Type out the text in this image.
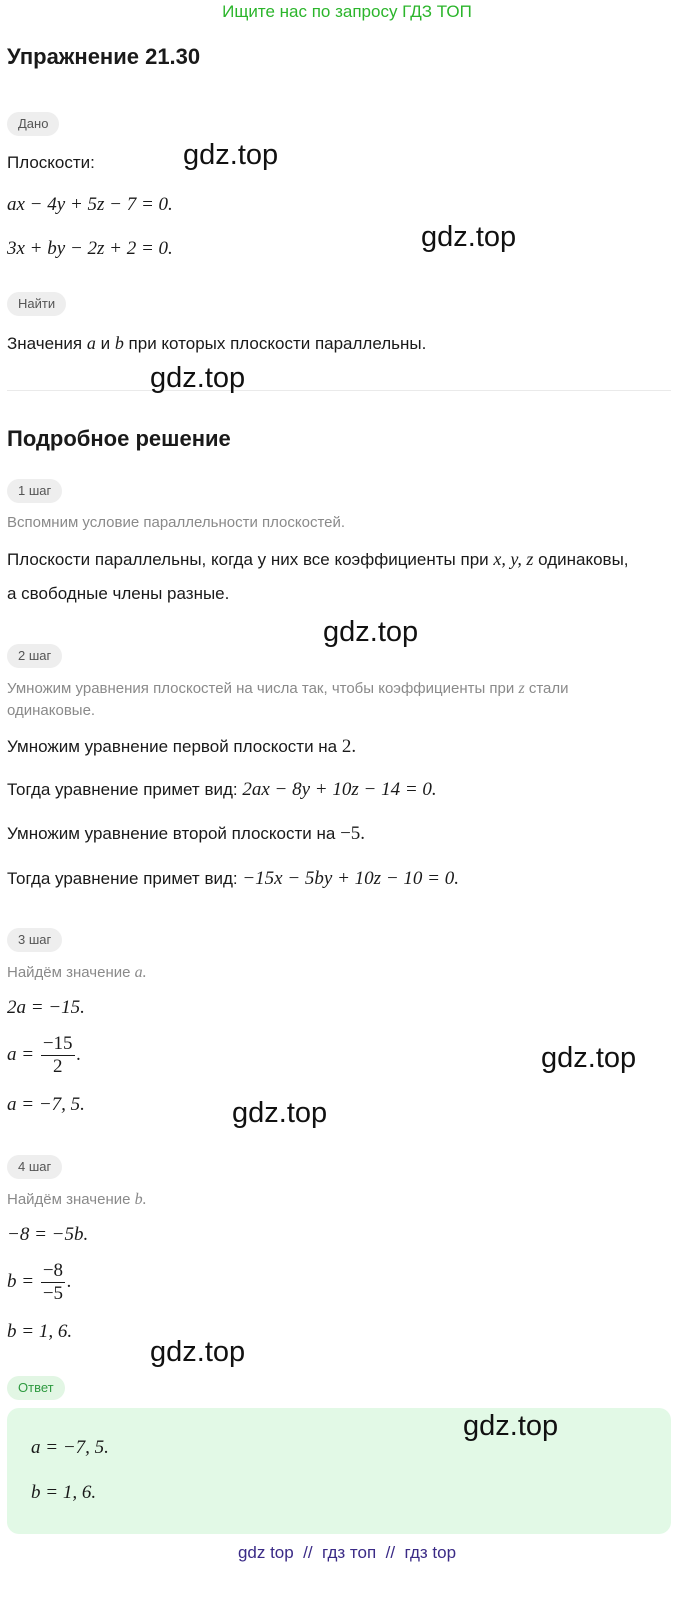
Ищите нас по запросу ГДЗ ТОП
Упражнение 21.30
Дано
Плоскости:
ax − 4y + 5z − 7 = 0.
3x + by − 2z + 2 = 0.
Найти
Значения a и b при которых плоскости параллельны.
Подробное решение
1 шаг
Вспомним условие параллельности плоскостей.
Плоскости параллельны, когда у них все коэффициенты при x, y, z одинаковы,
а свободные члены разные.
2 шаг
Умножим уравнения плоскостей на числа так, чтобы коэффициенты при z стали
одинаковые.
Умножим уравнение первой плоскости на 2.
Тогда уравнение примет вид: 2ax − 8y + 10z − 14 = 0.
Умножим уравнение второй плоскости на −5.
Тогда уравнение примет вид: −15x − 5by + 10z − 10 = 0.
3 шаг
Найдём значение a.
2a = −15.
$a = \frac{-15}{2}$ .
a = −7, 5.
4 шаг
Найдём значение b.
−8 = −5b.
$b = \frac{-8}{-5}$ .
b = 1, 6.
Ответ
a = −7, 5.
b = 1, 6.
gdz.top
gdz.top
gdz.top
gdz.top
gdz.top
gdz.top
gdz.top
gdz.top
gdz top  //  гдз топ  //  гдз top
